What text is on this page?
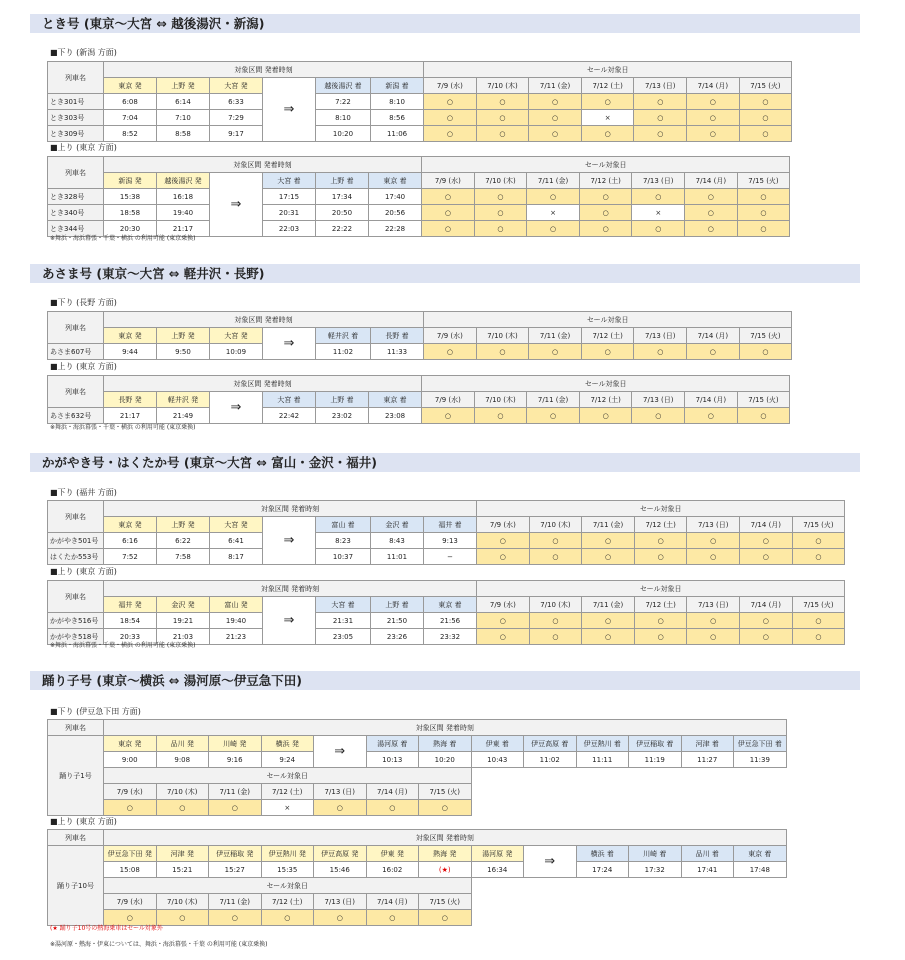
とき号 (東京〜大宮 ⇔ 越後湯沢・新潟)
■下り (新潟 方面)
列車名	対象区間 発着時刻						セール対象日						
	東京 発	上野 発	大宮 発	⇒	越後湯沢 着	新潟 着	7/9 (水)	7/10 (木)	7/11 (金)	7/12 (土)	7/13 (日)	7/14 (月)	7/15 (火)
とき301号	6:08	6:14	6:33		7:22	8:10	○	○	○	○	○	○	○
とき303号	7:04	7:10	7:29		8:10	8:56	○	○	○	×	○	○	○
とき309号	8:52	8:58	9:17		10:20	11:06	○	○	○	○	○	○	○
■上り (東京 方面)
列車名	対象区間 発着時刻						セール対象日						
	新潟 発	越後湯沢 発	⇒	大宮 着	上野 着	東京 着	7/9 (水)	7/10 (木)	7/11 (金)	7/12 (土)	7/13 (日)	7/14 (月)	7/15 (火)
とき328号	15:38	16:18		17:15	17:34	17:40	○	○	○	○	○	○	○
とき340号	18:58	19:40		20:31	20:50	20:56	○	○	×	○	×	○	○
とき344号	20:30	21:17		22:03	22:22	22:28	○	○	○	○	○	○	○
※舞浜・海浜幕張・千葉・横浜 の利用可能 (東京乗換)
あさま号 (東京〜大宮 ⇔ 軽井沢・長野)
■下り (長野 方面)
列車名	対象区間 発着時刻						セール対象日						
	東京 発	上野 発	大宮 発	⇒	軽井沢 着	長野 着	7/9 (水)	7/10 (木)	7/11 (金)	7/12 (土)	7/13 (日)	7/14 (月)	7/15 (火)
あさま607号	9:44	9:50	10:09		11:02	11:33	○	○	○	○	○	○	○
■上り (東京 方面)
列車名	対象区間 発着時刻						セール対象日						
	長野 発	軽井沢 発	⇒	大宮 着	上野 着	東京 着	7/9 (水)	7/10 (木)	7/11 (金)	7/12 (土)	7/13 (日)	7/14 (月)	7/15 (火)
あさま632号	21:17	21:49		22:42	23:02	23:08	○	○	○	○	○	○	○
※舞浜・海浜幕張・千葉・横浜 の利用可能 (東京乗換)
かがやき号・はくたか号 (東京〜大宮 ⇔ 富山・金沢・福井)
■下り (福井 方面)
列車名	対象区間 発着時刻							セール対象日						
	東京 発	上野 発	大宮 発	⇒	富山 着	金沢 着	福井 着	7/9 (水)	7/10 (木)	7/11 (金)	7/12 (土)	7/13 (日)	7/14 (月)	7/15 (火)
かがやき501号	6:16	6:22	6:41		8:23	8:43	9:13	○	○	○	○	○	○	○
はくたか553号	7:52	7:58	8:17		10:37	11:01	−	○	○	○	○	○	○	○
■上り (東京 方面)
列車名	対象区間 発着時刻							セール対象日						
	福井 発	金沢 発	富山 発	⇒	大宮 着	上野 着	東京 着	7/9 (水)	7/10 (木)	7/11 (金)	7/12 (土)	7/13 (日)	7/14 (月)	7/15 (火)
かがやき516号	18:54	19:21	19:40		21:31	21:50	21:56	○	○	○	○	○	○	○
かがやき518号	20:33	21:03	21:23		23:05	23:26	23:32	○	○	○	○	○	○	○
※舞浜・海浜幕張・千葉・横浜 の利用可能 (東京乗換)
踊り子号 (東京〜横浜 ⇔ 湯河原〜伊豆急下田)
■下り (伊豆急下田 方面)
列車名	対象区間 発着時刻												
踊り子1号	東京 発	品川 発	川崎 発	横浜 発	⇒	湯河原 着	熱海 着	伊東 着	伊豆高原 着	伊豆熱川 着	伊豆稲取 着	河津 着	伊豆急下田 着
	9:00	9:08	9:16	9:24		10:13	10:20	10:43	11:02	11:11	11:19	11:27	11:39
	セール対象日												
	7/9 (水)	7/10 (木)	7/11 (金)	7/12 (土)	7/13 (日)	7/14 (月)	7/15 (火)						
	○	○	○	×	○	○	○						
■上り (東京 方面)
列車名	対象区間 発着時刻												
踊り子10号	伊豆急下田 発	河津 発	伊豆稲取 発	伊豆熱川 発	伊豆高原 発	伊東 発	熱海 発	湯河原 発	⇒	横浜 着	川崎 着	品川 着	東京 着
	15:08	15:21	15:27	15:35	15:46	16:02	(★)	16:34		17:24	17:32	17:41	17:48
	セール対象日												
	7/9 (水)	7/10 (木)	7/11 (金)	7/12 (土)	7/13 (日)	7/14 (月)	7/15 (火)						
	○	○	○	○	○	○	○						
(★ 踊り子10号の熱海乗車はセール対象外
※湯河原・熱海・伊東については、舞浜・海浜幕張・千葉 の利用可能 (東京乗換)
